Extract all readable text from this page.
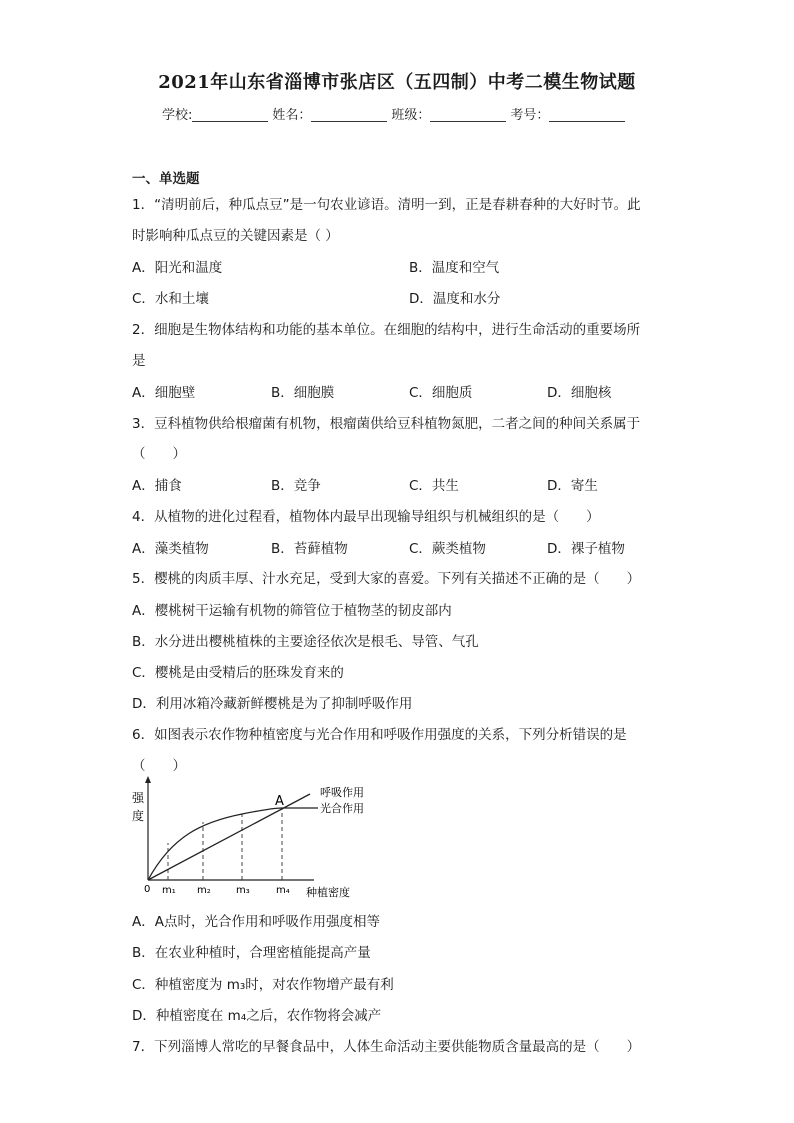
2021年山东省淄博市张店区（五四制）中考二模生物试题
学校:	姓名：	班级：	考号：
一、单选题
1．“清明前后，种瓜点豆”是一句农业谚语。清明一到，正是春耕春种的大好时节。此
时影响种瓜点豆的关键因素是（ ）
A．阳光和温度	B．温度和空气
C．水和土壤	D．温度和水分
2．细胞是生物体结构和功能的基本单位。在细胞的结构中，进行生命活动的重要场所
是
A．细胞壁	B．细胞膜	C．细胞质	D．细胞核
3．豆科植物供给根瘤菌有机物，根瘤菌供给豆科植物氮肥，二者之间的种间关系属于
（　　）
A．捕食	B．竞争	C．共生	D．寄生
4．从植物的进化过程看，植物体内最早出现输导组织与机械组织的是（　　）
A．藻类植物	B．苔藓植物	C．蕨类植物	D．裸子植物
5．樱桃的肉质丰厚、汁水充足，受到大家的喜爱。下列有关描述不正确的是（　　）
A．樱桃树干运输有机物的筛管位于植物茎的韧皮部内
B．水分进出樱桃植株的主要途径依次是根毛、导管、气孔
C．樱桃是由受精后的胚珠发育来的
D．利用冰箱冷藏新鲜樱桃是为了抑制呼吸作用
6．如图表示农作物种植密度与光合作用和呼吸作用强度的关系，下列分析错误的是
（　　）
强
度
0 m₁ m₂	m₃	m₄ 种植密度
A
呼吸作用
光合作用
A．A点时，光合作用和呼吸作用强度相等
B．在农业种植时，合理密植能提高产量
C．种植密度为 m₃时，对农作物增产最有利
D．种植密度在 m₄之后，农作物将会减产
7．下列淄博人常吃的早餐食品中，人体生命活动主要供能物质含量最高的是（　　）
